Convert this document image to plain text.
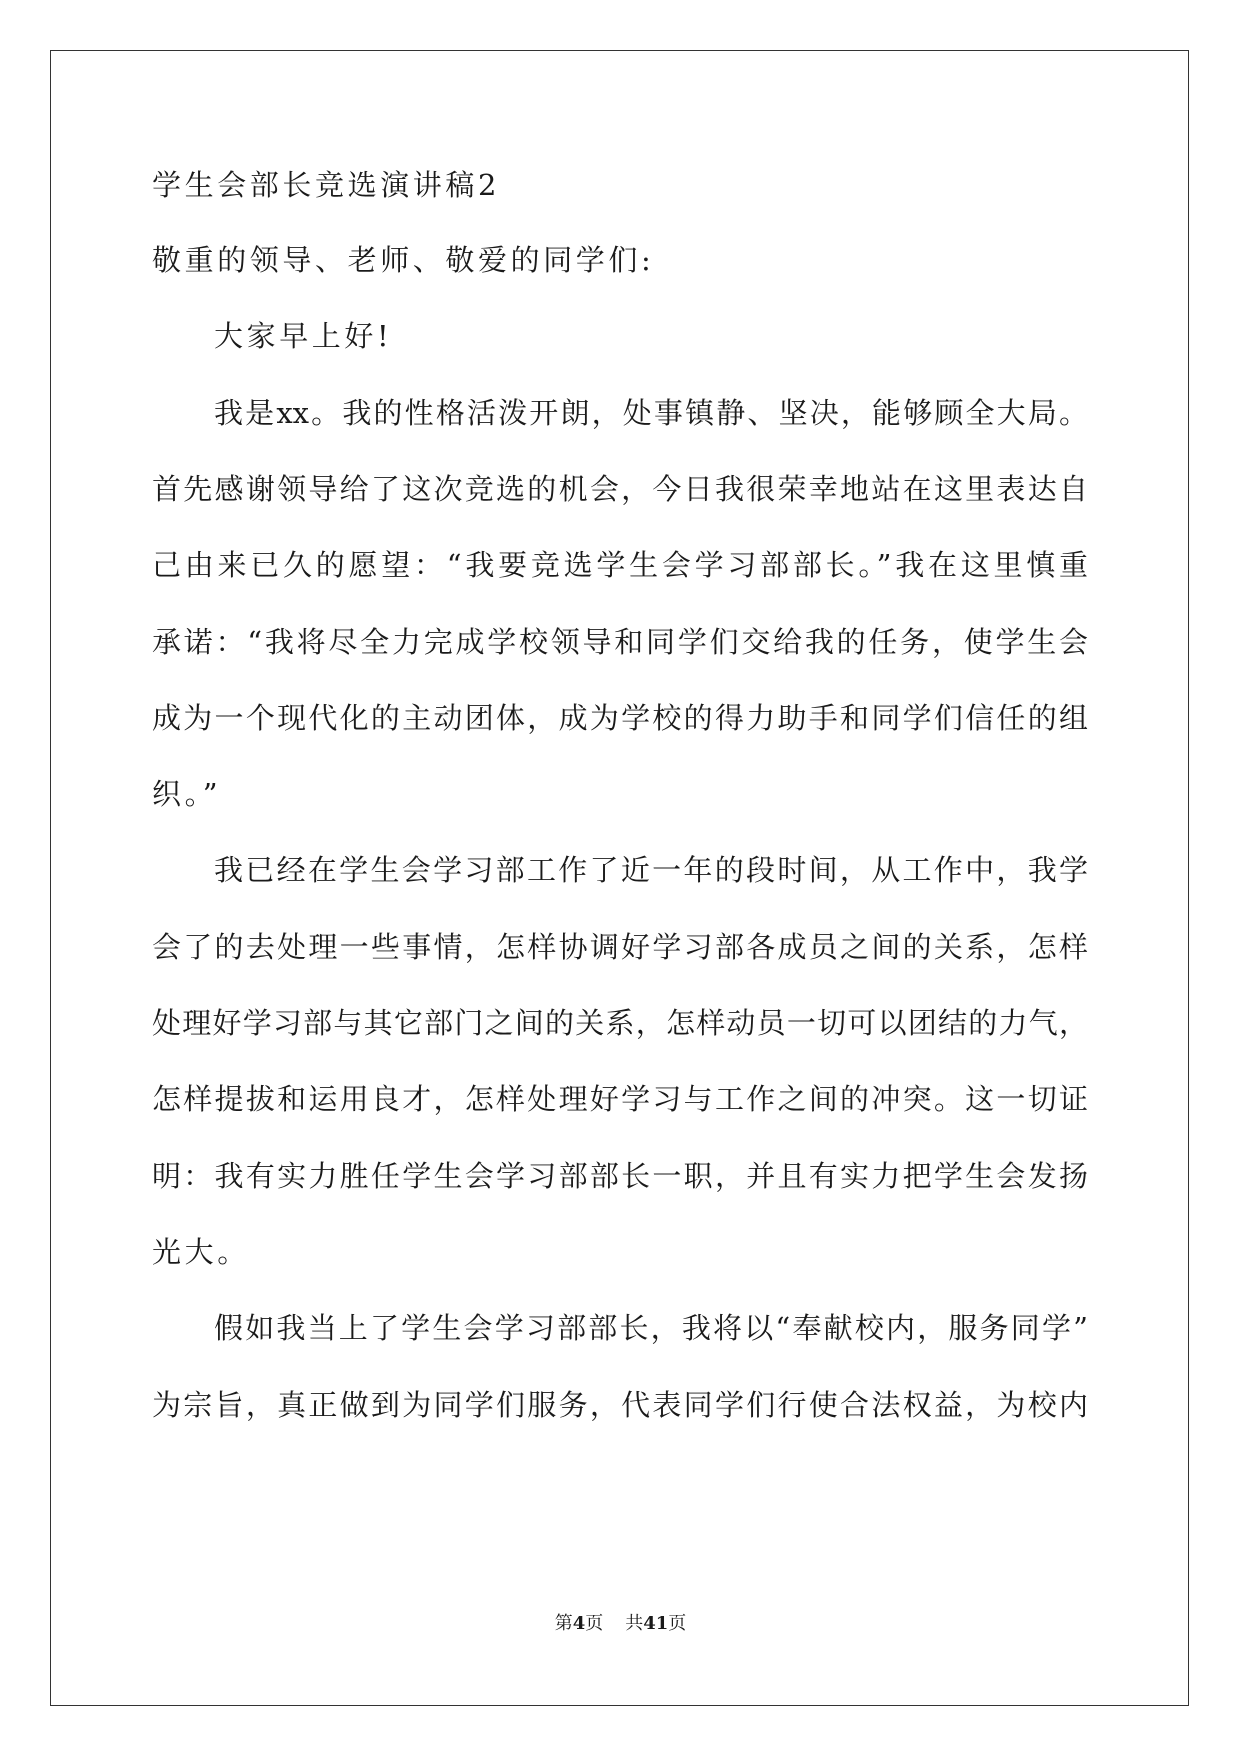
学生会部长竞选演讲稿2
敬重的领导、老师、敬爱的同学们:
大家早上好!
我是xx。我的性格活泼开朗，处事镇静、坚决，能够顾全大局。
首先感谢领导给了这次竞选的机会，今日我很荣幸地站在这里表达自
己由来已久的愿望：“我要竞选学生会学习部部长。”我在这里慎重
承诺：“我将尽全力完成学校领导和同学们交给我的任务，使学生会
成为一个现代化的主动团体，成为学校的得力助手和同学们信任的组
织。”
我已经在学生会学习部工作了近一年的段时间，从工作中，我学
会了的去处理一些事情，怎样协调好学习部各成员之间的关系，怎样
处理好学习部与其它部门之间的关系，怎样动员一切可以团结的力气，
怎样提拔和运用良才，怎样处理好学习与工作之间的冲突。这一切证
明：我有实力胜任学生会学习部部长一职，并且有实力把学生会发扬
光大。
假如我当上了学生会学习部部长，我将以“奉献校内，服务同学”
为宗旨，真正做到为同学们服务，代表同学们行使合法权益，为校内
第4页 共41页
